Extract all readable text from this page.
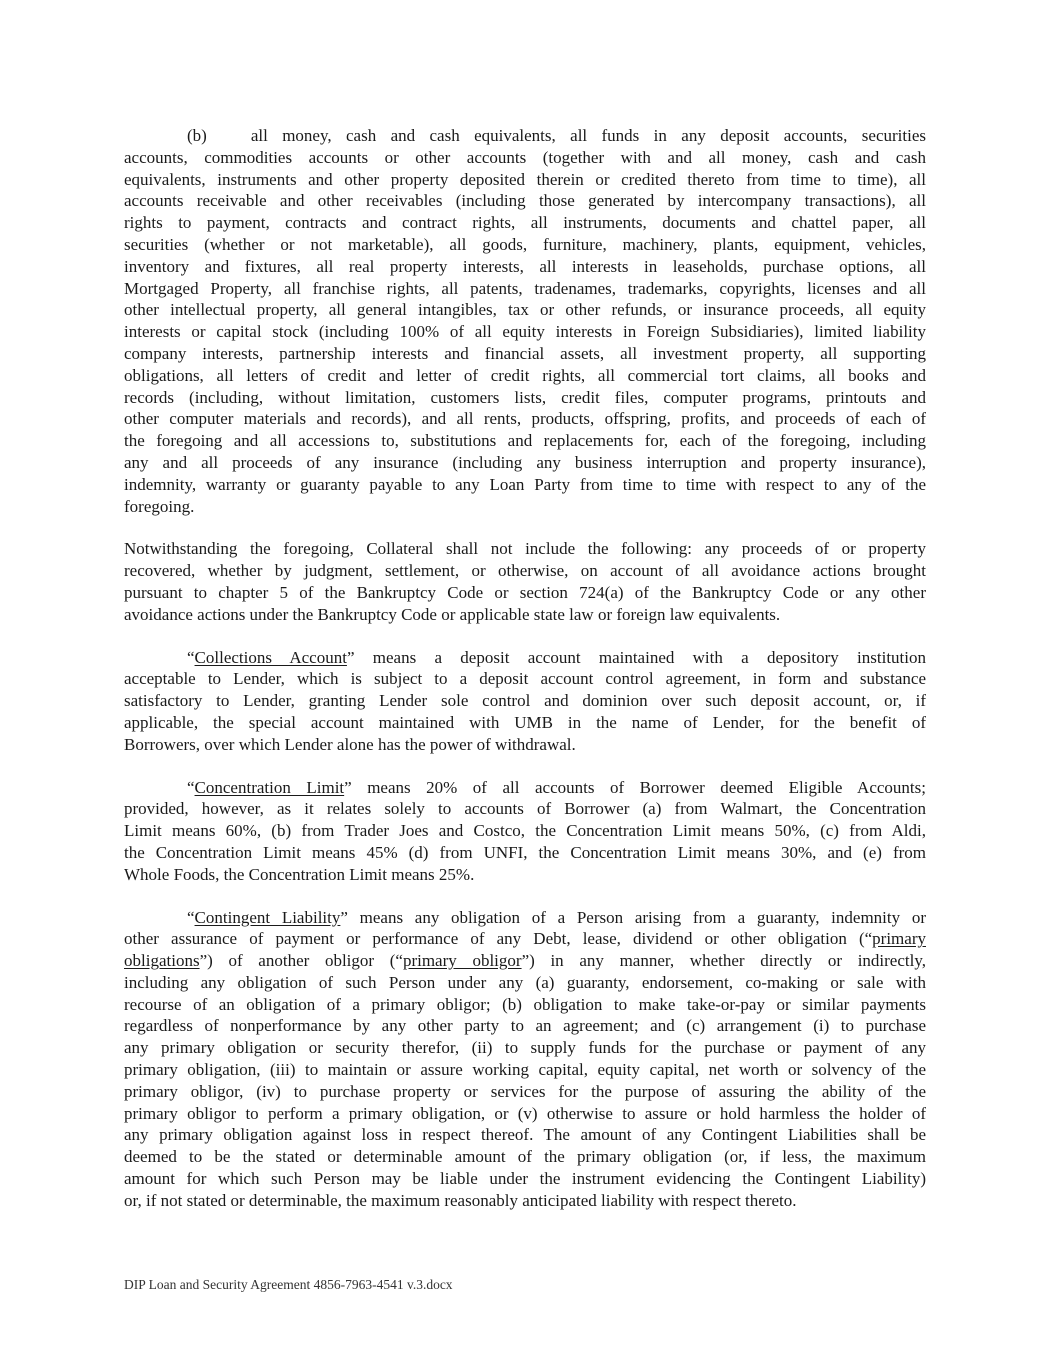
(b)	all money, cash and cash equivalents, all funds in any deposit accounts, securities
accounts, commodities accounts or other accounts (together with and all money, cash and cash
equivalents, instruments and other property deposited therein or credited thereto from time to time), all
accounts receivable and other receivables (including those generated by intercompany transactions), all
rights to payment, contracts and contract rights, all instruments, documents and chattel paper, all
securities (whether or not marketable), all goods, furniture, machinery, plants, equipment, vehicles,
inventory and fixtures, all real property interests, all interests in leaseholds, purchase options, all
Mortgaged Property, all franchise rights, all patents, tradenames, trademarks, copyrights, licenses and all
other intellectual property, all general intangibles, tax or other refunds, or insurance proceeds, all equity
interests or capital stock (including 100% of all equity interests in Foreign Subsidiaries), limited liability
company interests, partnership interests and financial assets, all investment property, all supporting
obligations, all letters of credit and letter of credit rights, all commercial tort claims, all books and
records (including, without limitation, customers lists, credit files, computer programs, printouts and
other computer materials and records), and all rents, products, offspring, profits, and proceeds of each of
the foregoing and all accessions to, substitutions and replacements for, each of the foregoing, including
any and all proceeds of any insurance (including any business interruption and property insurance),
indemnity, warranty or guaranty payable to any Loan Party from time to time with respect to any of the
foregoing.
Notwithstanding the foregoing, Collateral shall not include the following: any proceeds of or property
recovered, whether by judgment, settlement, or otherwise, on account of all avoidance actions brought
pursuant to chapter 5 of the Bankruptcy Code or section 724(a) of the Bankruptcy Code or any other
avoidance actions under the Bankruptcy Code or applicable state law or foreign law equivalents.
“Collections Account” means a deposit account maintained with a depository institution
acceptable to Lender, which is subject to a deposit account control agreement, in form and substance
satisfactory to Lender, granting Lender sole control and dominion over such deposit account, or, if
applicable, the special account maintained with UMB in the name of Lender, for the benefit of
Borrowers, over which Lender alone has the power of withdrawal.
“Concentration Limit” means 20% of all accounts of Borrower deemed Eligible Accounts;
provided, however, as it relates solely to accounts of Borrower (a) from Walmart, the Concentration
Limit means 60%, (b) from Trader Joes and Costco, the Concentration Limit means 50%, (c) from Aldi,
the Concentration Limit means 45% (d) from UNFI, the Concentration Limit means 30%, and (e) from
Whole Foods, the Concentration Limit means 25%.
“Contingent Liability” means any obligation of a Person arising from a guaranty, indemnity or
other assurance of payment or performance of any Debt, lease, dividend or other obligation (“primary
obligations”) of another obligor (“primary obligor”) in any manner, whether directly or indirectly,
including any obligation of such Person under any (a) guaranty, endorsement, co-making or sale with
recourse of an obligation of a primary obligor; (b) obligation to make take-or-pay or similar payments
regardless of nonperformance by any other party to an agreement; and (c) arrangement (i) to purchase
any primary obligation or security therefor, (ii) to supply funds for the purchase or payment of any
primary obligation, (iii) to maintain or assure working capital, equity capital, net worth or solvency of the
primary obligor, (iv) to purchase property or services for the purpose of assuring the ability of the
primary obligor to perform a primary obligation, or (v) otherwise to assure or hold harmless the holder of
any primary obligation against loss in respect thereof. The amount of any Contingent Liabilities shall be
deemed to be the stated or determinable amount of the primary obligation (or, if less, the maximum
amount for which such Person may be liable under the instrument evidencing the Contingent Liability)
or, if not stated or determinable, the maximum reasonably anticipated liability with respect thereto.
DIP Loan and Security Agreement 4856-7963-4541 v.3.docx
